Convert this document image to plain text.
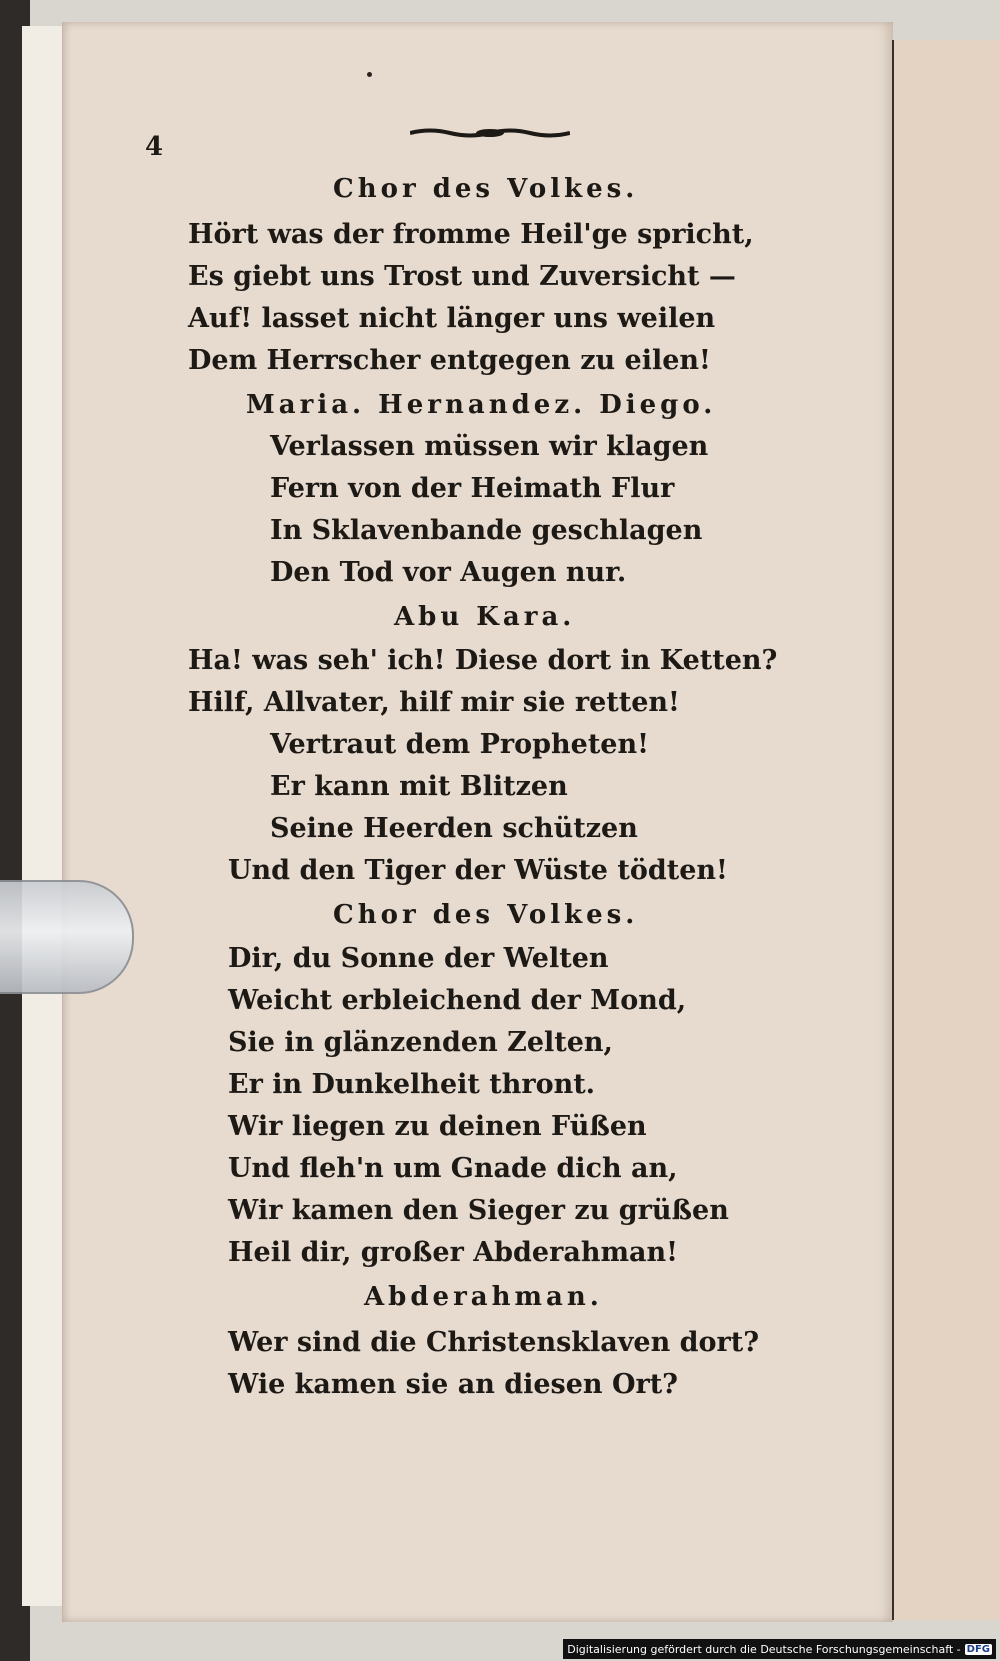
4
Chor des Volkes.
Hört was der fromme Heil'ge spricht,
Es giebt uns Trost und Zuversicht —
Auf! lasset nicht länger uns weilen
Dem Herrscher entgegen zu eilen!
Maria. Hernandez. Diego.
Verlassen müssen wir klagen
Fern von der Heimath Flur
In Sklavenbande geschlagen
Den Tod vor Augen nur.
Abu Kara.
Ha! was seh' ich! Diese dort in Ketten?
Hilf, Allvater, hilf mir sie retten!
Vertraut dem Propheten!
Er kann mit Blitzen
Seine Heerden schützen
Und den Tiger der Wüste tödten!
Chor des Volkes.
Dir, du Sonne der Welten
Weicht erbleichend der Mond,
Sie in glänzenden Zelten,
Er in Dunkelheit thront.
Wir liegen zu deinen Füßen
Und fleh'n um Gnade dich an,
Wir kamen den Sieger zu grüßen
Heil dir, großer Abderahman!
Abderahman.
Wer sind die Christensklaven dort?
Wie kamen sie an diesen Ort?
Digitalisierung gefördert durch die Deutsche Forschungsgemeinschaft - DFG
